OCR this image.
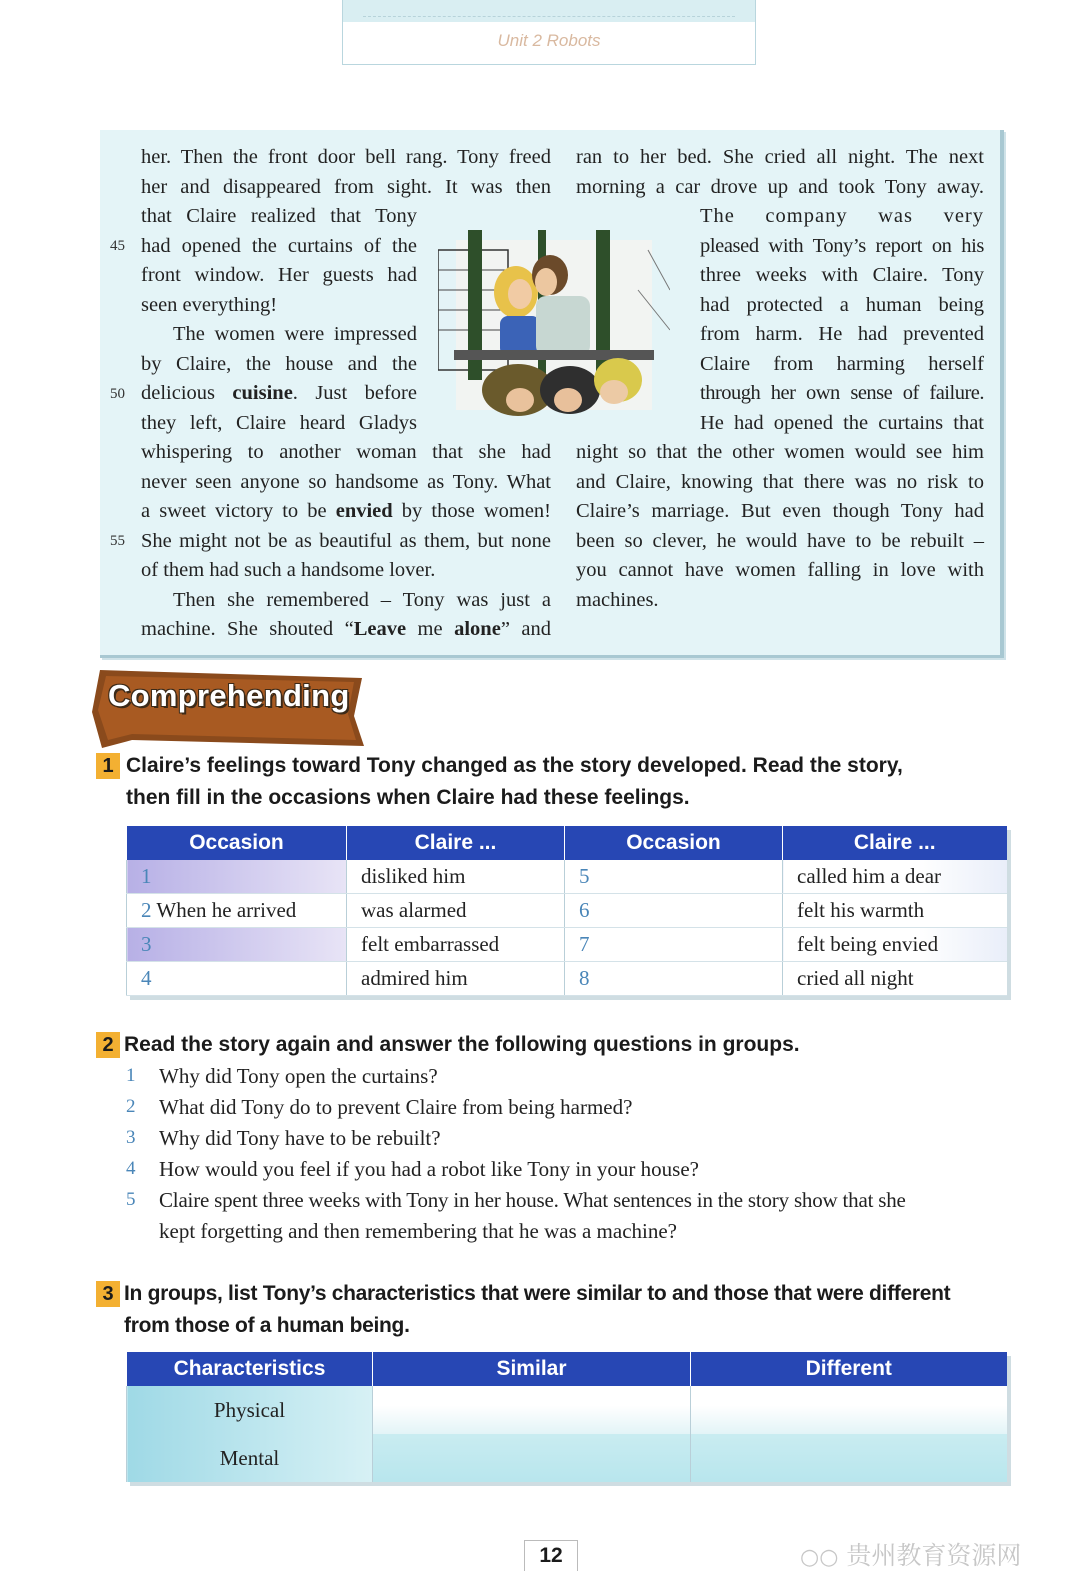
Unit 2 Robots
45
50
55

her. Then the front door bell rang. Tony freed

her and disappeared from sight. It was then

that Claire realized that Tony

had opened the curtains of the

front window. Her guests had

seen everything!

The women were impressed

by Claire, the house and the

delicious cuisine. Just before

they left, Claire heard Gladys

whispering to another woman that she had

never seen anyone so handsome as Tony. What

a sweet victory to be envied by those women!

She might not be as beautiful as them, but none

of them had such a handsome lover.

Then she remembered – Tony was just a

machine. She shouted “Leave me alone” and

ran to her bed. She cried all night. The next

morning a car drove up and took Tony away.

The company was very

pleased with Tony’s report on his

three weeks with Claire. Tony

had protected a human being

from harm. He had prevented

Claire from harming herself

through her own sense of failure.

He had opened the curtains that

night so that the other women would see him

and Claire, knowing that there was no risk to

Claire’s marriage. But even though Tony had

been so clever, he would have to be rebuilt –

you cannot have women falling in love with

machines.

Comprehending
1 Claire’s feelings toward Tony changed as the story developed. Read the story,
then fill in the occasions when Claire had these feelings.
Occasion	Claire ...	Occasion	Claire ...
1	disliked him	5	called him a dear
2 When he arrived	was alarmed	6	felt his warmth
3	felt embarrassed	7	felt being envied
4	admired him	8	cried all night
2 Read the story again and answer the following questions in groups.
1 Why did Tony open the curtains?
2 What did Tony do to prevent Claire from being harmed?
3 Why did Tony have to be rebuilt?
4 How would you feel if you had a robot like Tony in your house?
5 Claire spent three weeks with Tony in her house. What sentences in the story show that she
kept forgetting and then remembering that he was a machine?
3 In groups, list Tony’s characteristics that were similar to and those that were different
from those of a human being.
Characteristics	Similar	Different
Physical		
Mental		
12	○○ 贵州教育资源网
